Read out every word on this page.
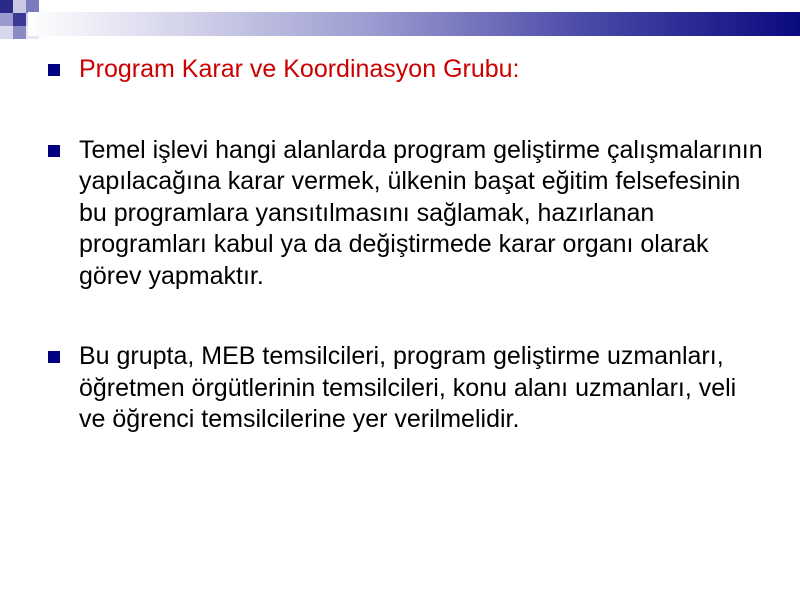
Program Karar ve Koordinasyon Grubu:
Temel işlevi hangi alanlarda program geliştirme çalışmalarının yapılacağına karar vermek, ülkenin başat eğitim felsefesinin bu programlara yansıtılmasını sağlamak, hazırlanan programları kabul ya da değiştirmede karar organı olarak görev yapmaktır.
Bu grupta, MEB temsilcileri, program geliştirme uzmanları, öğretmen örgütlerinin temsilcileri, konu alanı uzmanları, veli ve öğrenci temsilcilerine yer verilmelidir.
